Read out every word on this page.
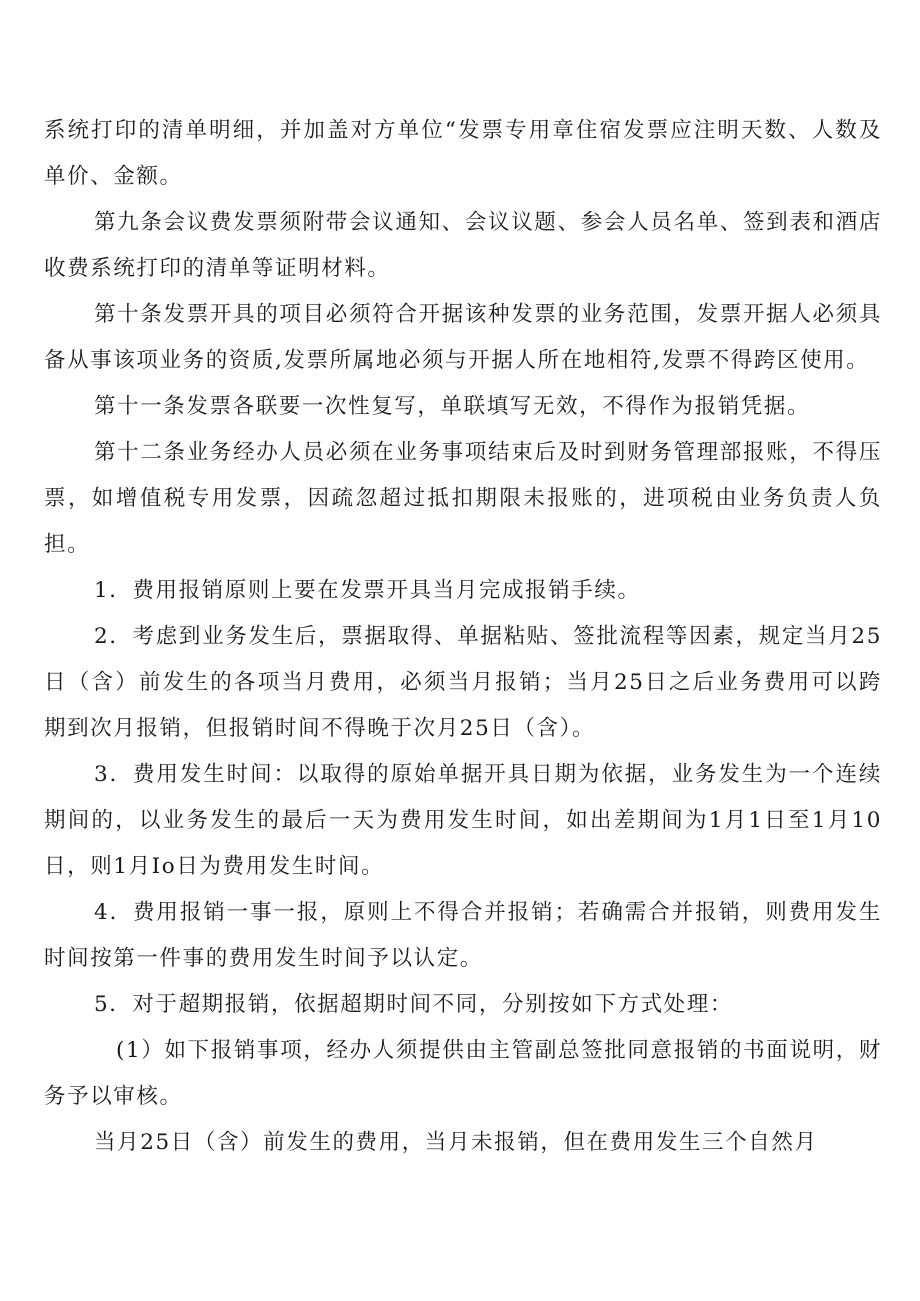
系统打印的清单明细，并加盖对方单位“发票专用章住宿发票应注明天数、人数及单价、金额。

第九条会议费发票须附带会议通知、会议议题、参会人员名单、签到表和酒店收费系统打印的清单等证明材料。

第十条发票开具的项目必须符合开据该种发票的业务范围，发票开据人必须具备从事该项业务的资质,发票所属地必须与开据人所在地相符,发票不得跨区使用。

第十一条发票各联要一次性复写，单联填写无效，不得作为报销凭据。

第十二条业务经办人员必须在业务事项结束后及时到财务管理部报账，不得压票，如增值税专用发票，因疏忽超过抵扣期限未报账的，进项税由业务负责人负担。

1．费用报销原则上要在发票开具当月完成报销手续。

2．考虑到业务发生后，票据取得、单据粘贴、签批流程等因素，规定当月25日（含）前发生的各项当月费用，必须当月报销；当月25日之后业务费用可以跨期到次月报销，但报销时间不得晚于次月25日（含）。

3．费用发生时间：以取得的原始单据开具日期为依据，业务发生为一个连续期间的，以业务发生的最后一天为费用发生时间，如出差期间为1月1日至1月10日，则1月Io日为费用发生时间。

4．费用报销一事一报，原则上不得合并报销；若确需合并报销，则费用发生时间按第一件事的费用发生时间予以认定。

5．对于超期报销，依据超期时间不同，分别按如下方式处理：

(1）如下报销事项，经办人须提供由主管副总签批同意报销的书面说明，财务予以审核。

当月25日（含）前发生的费用，当月未报销，但在费用发生三个自然月
